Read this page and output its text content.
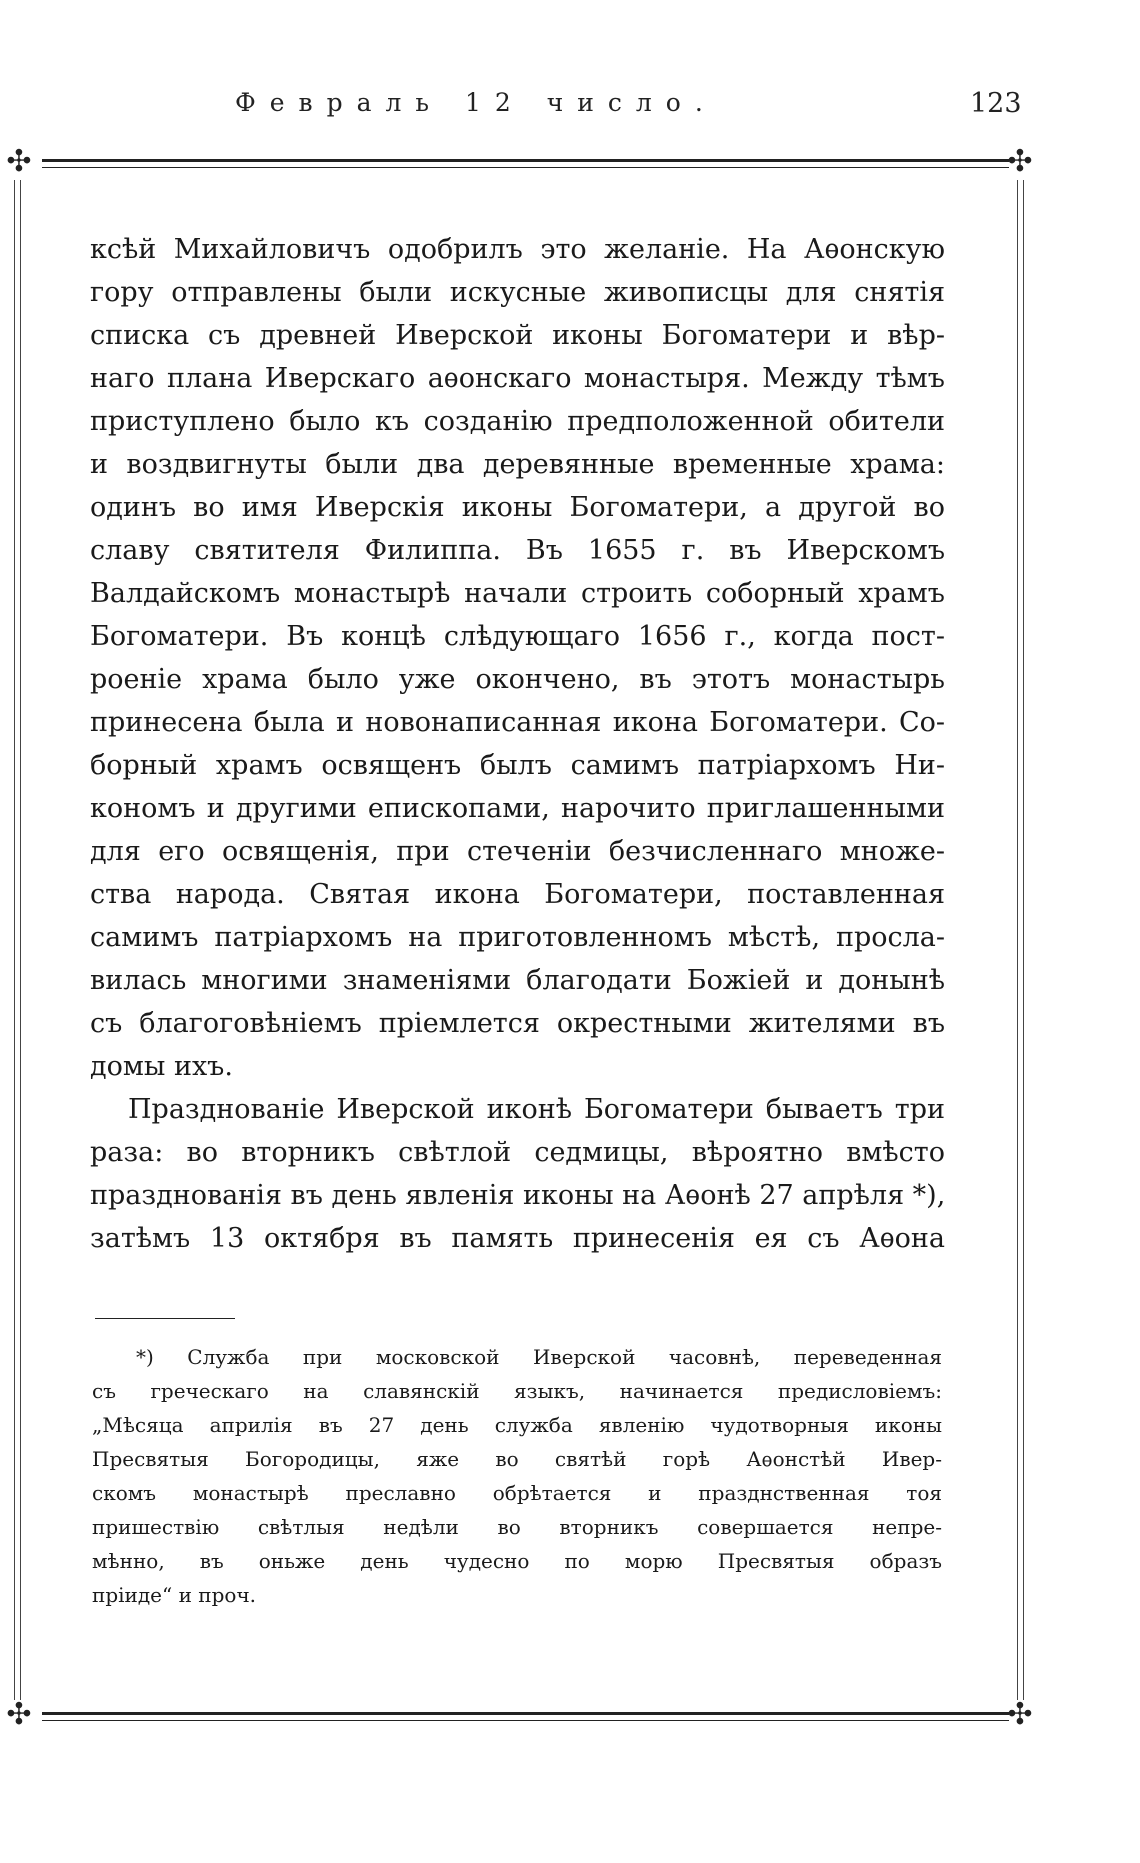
Февраль 12 число.	123
✣	✣
✣	✣
ксѣй Михайловичъ одобрилъ это желаніе. На Аѳонскую
гору отправлены были искусные живописцы для снятія
списка съ древней Иверской иконы Богоматери и вѣр-
наго плана Иверскаго аѳонскаго монастыря. Между тѣмъ
приступлено было къ созданію предположенной обители
и воздвигнуты были два деревянные временные храма:
одинъ во имя Иверскія иконы Богоматери, а другой во
славу святителя Филиппа. Въ 1655 г. въ Иверскомъ
Валдайскомъ монастырѣ начали строить соборный храмъ
Богоматери. Въ концѣ слѣдующаго 1656 г., когда пост-
роеніе храма было уже окончено, въ этотъ монастырь
принесена была и новонаписанная икона Богоматери. Со-
борный храмъ освященъ былъ самимъ патріархомъ Ни-
кономъ и другими епископами, нарочито приглашенными
для его освященія, при стеченіи безчисленнаго множе-
ства народа. Святая икона Богоматери, поставленная
самимъ патріархомъ на приготовленномъ мѣстѣ, просла-
вилась многими знаменіями благодати Божіей и донынѣ
съ благоговѣніемъ пріемлется окрестными жителями въ
домы ихъ.
Празднованіе Иверской иконѣ Богоматери бываетъ три
раза: во вторникъ свѣтлой седмицы, вѣроятно вмѣсто
празднованія въ день явленія иконы на Аѳонѣ 27 апрѣля *),
затѣмъ 13 октября въ память принесенія ея съ Аѳона
*) Служба при московской Иверской часовнѣ, переведенная
съ греческаго на славянскій языкъ, начинается предисловіемъ:
„Мѣсяца априлія въ 27 день служба явленію чудотворныя иконы
Пресвятыя Богородицы, яже во святѣй горѣ Аѳонстѣй Ивер-
скомъ монастырѣ преславно обрѣтается и празднственная тоя
пришествію свѣтлыя недѣли во вторникъ совершается непре-
мѣнно, въ оньже день чудесно по морю Пресвятыя образъ
пріиде“ и проч.
